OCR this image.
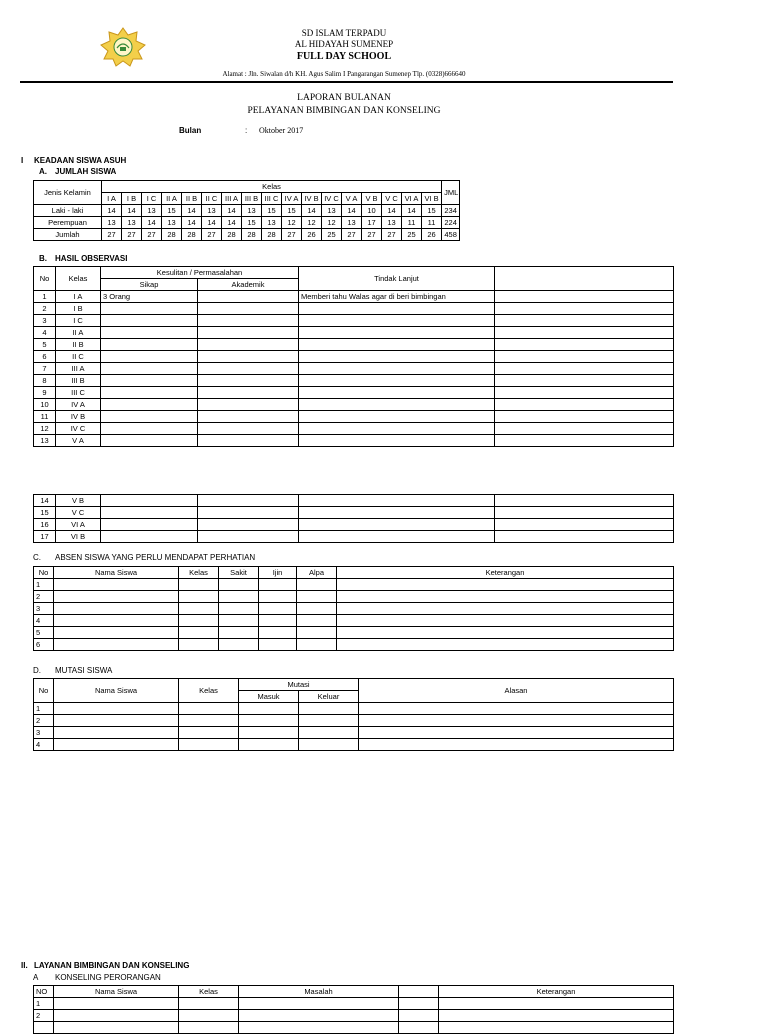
SD ISLAM TERPADU
AL HIDAYAH SUMENEP
FULL DAY SCHOOL
Alamat : Jln. Siwalan d/h KH. Agus Salim I Pangarangan Sumenep Tlp. (0328)666640
LAPORAN BULANAN
PELAYANAN BIMBINGAN DAN KONSELING
Bulan	: Oktober 2017
I KEADAAN SISWA ASUH
A. JUMLAH SISWA
Jenis Kelamin	Kelas																	JML
	I A	I B	I C	II A	II B	II C	III A	III B	III C	IV A	IV B	IV C	V A	V B	V C	VI A	VI B	
Laki - laki	14	14	13	15	14	13	14	13	15	15	14	13	14	10	14	14	15	234
Perempuan	13	13	14	13	14	14	14	15	13	12	12	12	13	17	13	11	11	224
Jumlah	27	27	27	28	28	27	28	28	28	27	26	25	27	27	27	25	26	458
B. HASIL OBSERVASI
No	Kelas	Kesulitan / Permasalahan		Tindak Lanjut	
		Sikap	Akademik		
1	I A	3 Orang		Memberi tahu Walas agar di beri bimbingan	
2	I B				
3	I C				
4	II A				
5	II B				
6	II C				
7	III A				
8	III B				
9	III C				
10	IV A				
11	IV B				
12	IV C				
13	V A				
14	V B				
15	V C				
16	VI A				
17	VI B				
C. ABSEN SISWA YANG PERLU MENDAPAT PERHATIAN
No	Nama Siswa	Kelas	Sakit	Ijin	Alpa	Keterangan
1						
2						
3						
4						
5						
6						
D. MUTASI SISWA
No	Nama Siswa	Kelas	Mutasi		Alasan
			Masuk	Keluar	
1					
2					
3					
4					
II. LAYANAN BIMBINGAN DAN KONSELING
A KONSELING PERORANGAN
NO	Nama Siswa	Kelas	Masalah		Keterangan
1					
2					
